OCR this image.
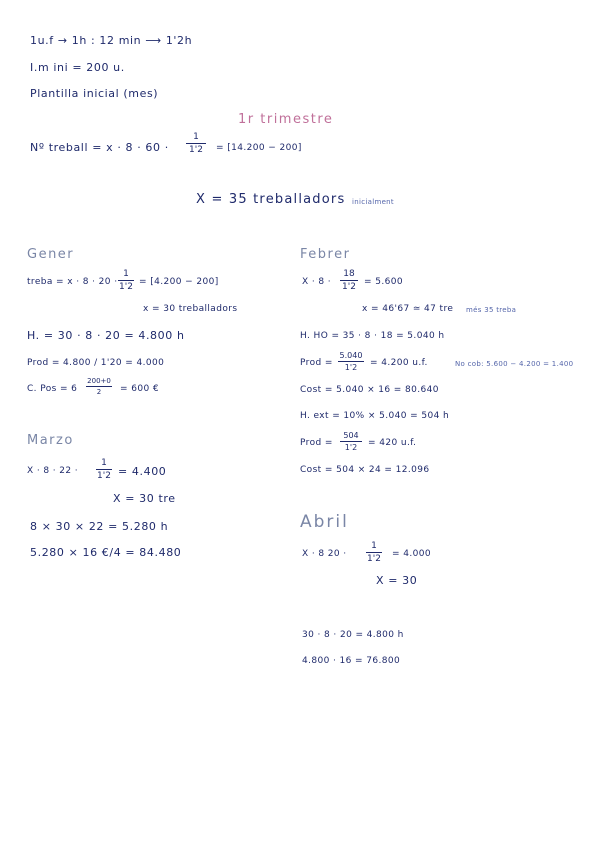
1u.f → 1h : 12 min ⟶ 1'2h
I.m ini = 200 u.
Plantilla inicial (mes)
1r trimestre
Nº treball = x · 8 · 60 ·
1
1'2	= [14.200 − 200]
X = 35 treballadors inicialment
Gener
treba = x · 8 · 20 ·
1
1'2 = [4.200 − 200]
x = 30 treballadors
H. = 30 · 8 · 20 = 4.800 h
Prod = 4.800 / 1'20 = 4.000
C. Pos = 6
200+0
2	= 600 €
Febrer
X · 8 ·
18
1'2 = 5.600
x = 46'67 ≃ 47 tre més 35 treba
H. HO = 35 · 8 · 18 = 5.040 h
Prod =
5.040
1'2	= 4.200 u.f.	No cob: 5.600 − 4.200 = 1.400
Cost = 5.040 × 16 = 80.640
H. ext = 10% × 5.040 = 504 h
Prod =
504
1'2	= 420 u.f.
Cost = 504 × 24 = 12.096
Marzo
X · 8 · 22 ·
1
1'2 = 4.400
X = 30 tre
8 × 30 × 22 = 5.280 h
5.280 × 16 €/4 = 84.480
Abril
X · 8 20 ·
1
1'2 = 4.000
X = 30
30 · 8 · 20 = 4.800 h
4.800 · 16 = 76.800
